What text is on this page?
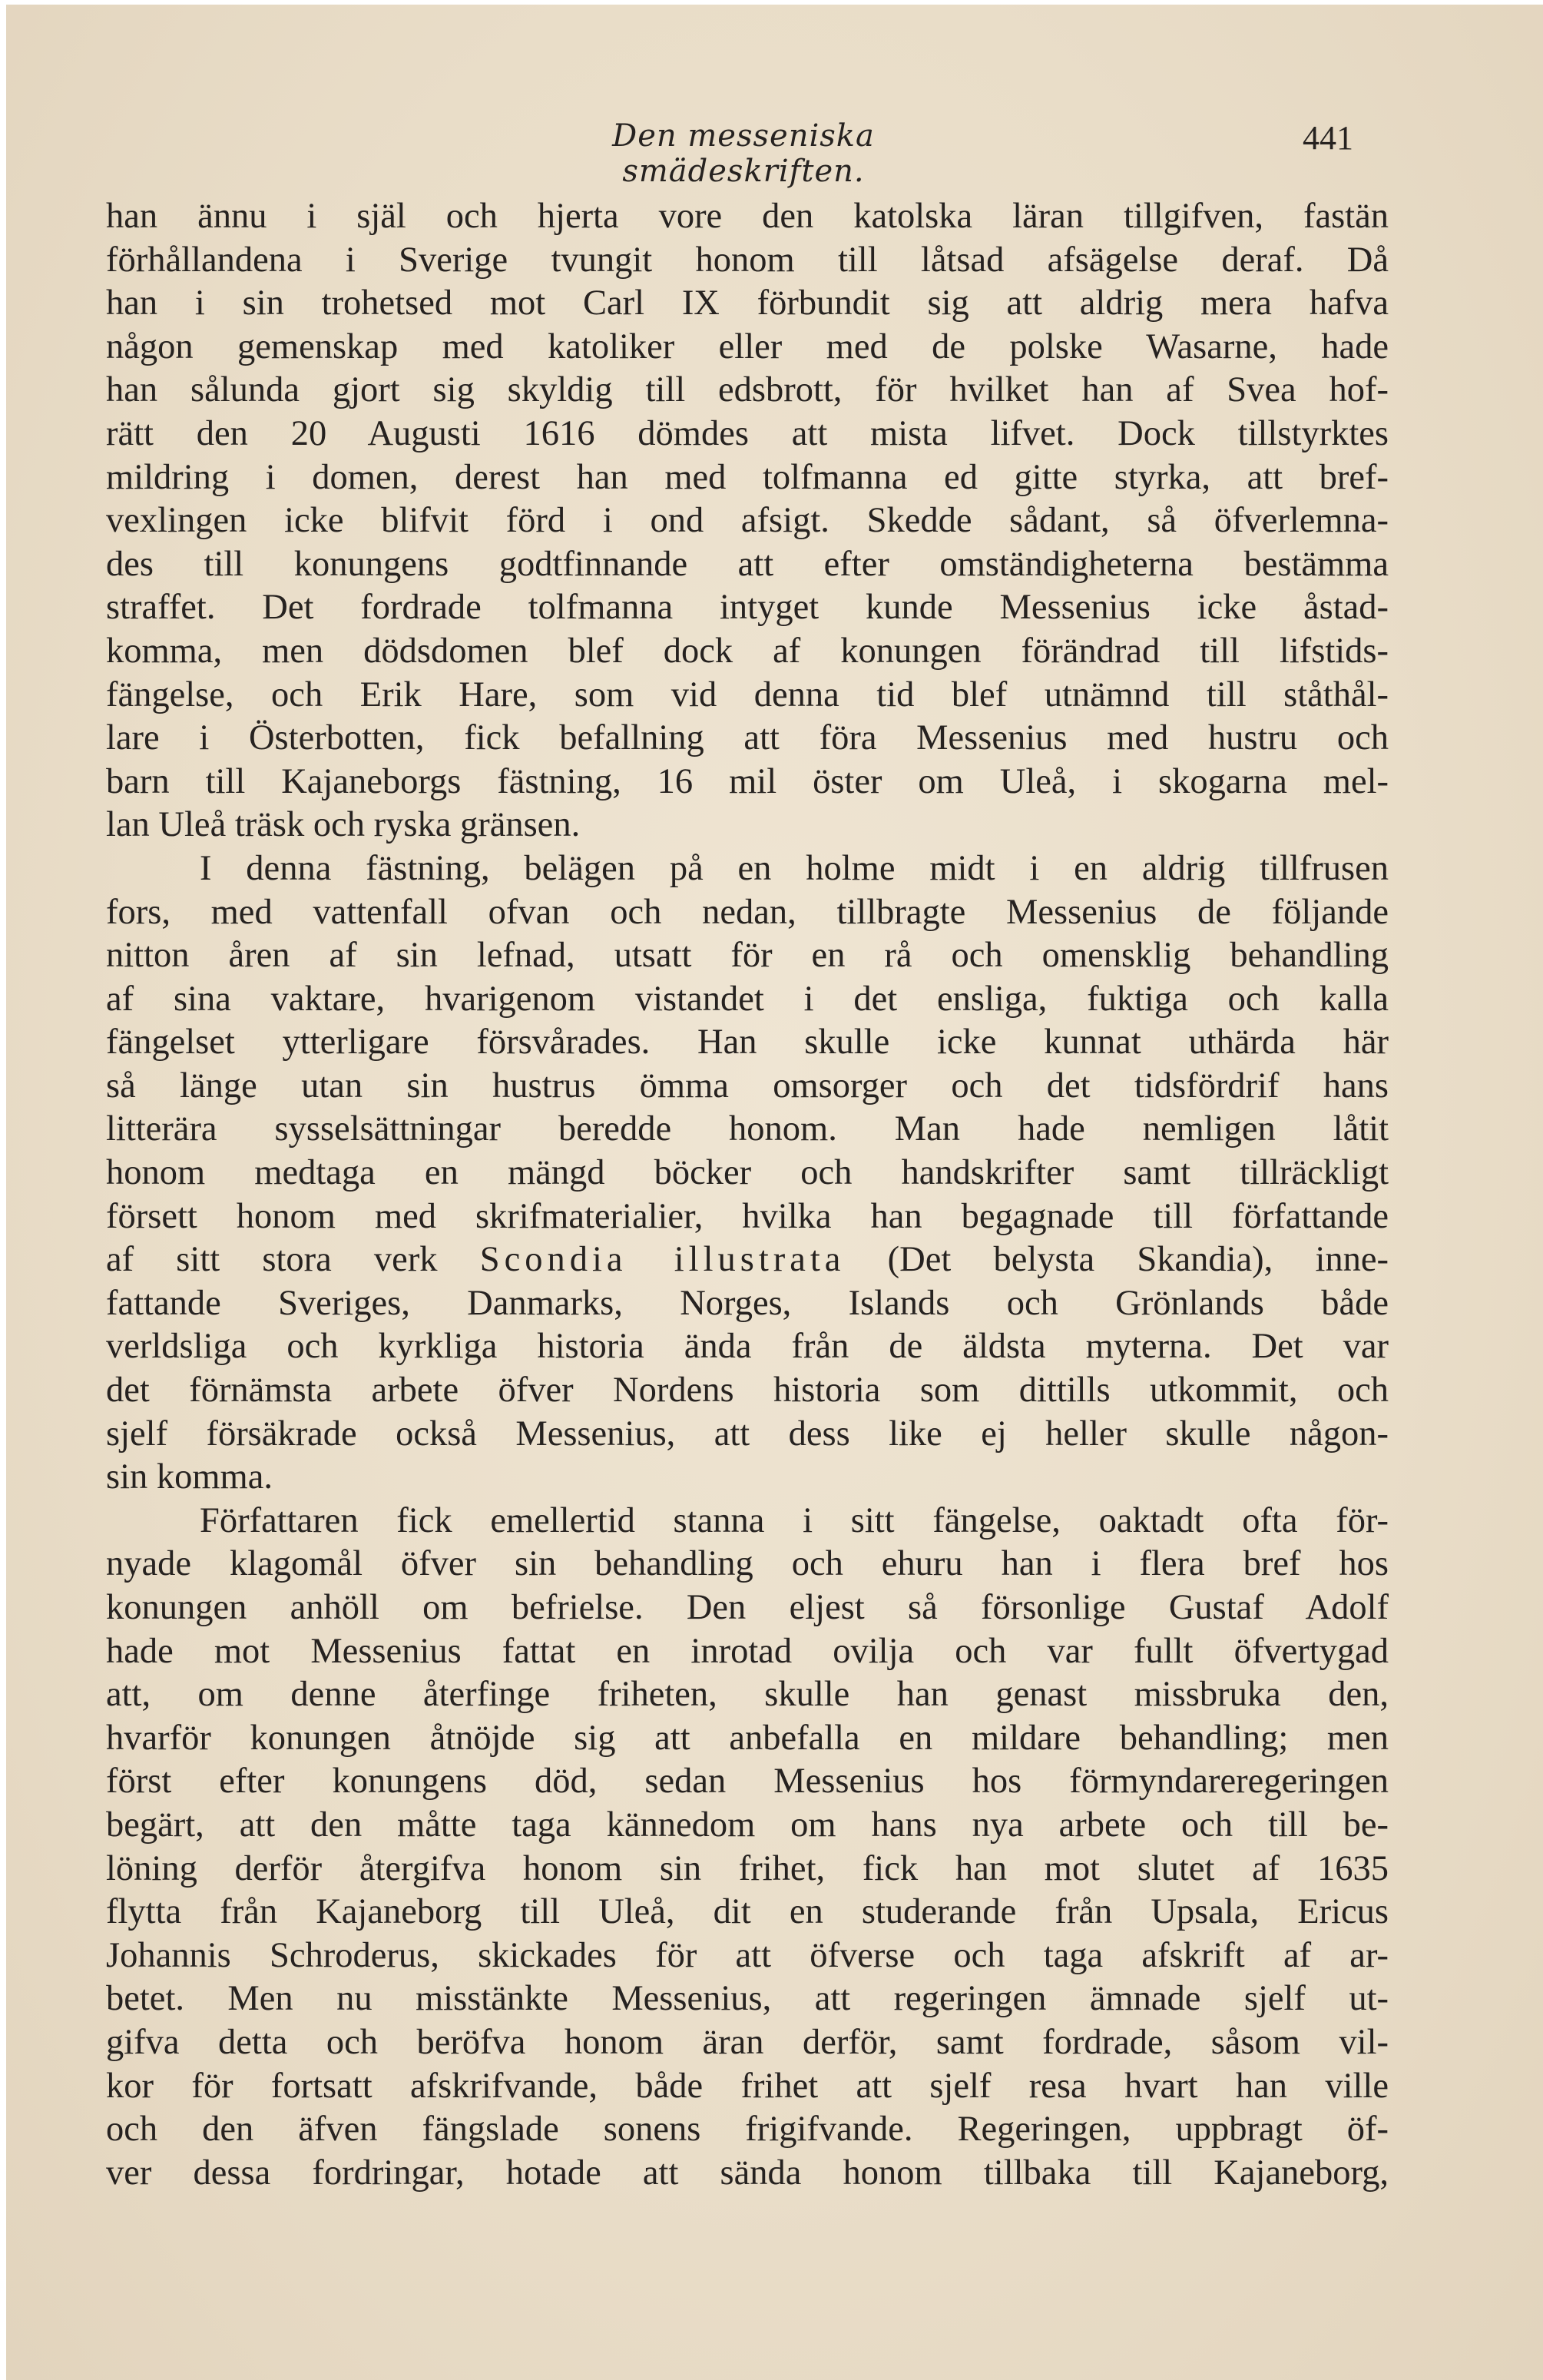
Den messeniska smädeskriften.
441
han ännu i själ och hjerta vore den katolska läran tillgifven, fastän
förhållandena i Sverige tvungit honom till låtsad afsägelse deraf. Då
han i sin trohetsed mot Carl IX förbundit sig att aldrig mera hafva
någon gemenskap med katoliker eller med de polske Wasarne, hade
han sålunda gjort sig skyldig till edsbrott, för hvilket han af Svea hof-
rätt den 20 Augusti 1616 dömdes att mista lifvet. Dock tillstyrktes
mildring i domen, derest han med tolfmanna ed gitte styrka, att bref-
vexlingen icke blifvit förd i ond afsigt. Skedde sådant, så öfverlemna-
des till konungens godtfinnande att efter omständigheterna bestämma
straffet. Det fordrade tolfmanna intyget kunde Messenius icke åstad-
komma, men dödsdomen blef dock af konungen förändrad till lifstids-
fängelse, och Erik Hare, som vid denna tid blef utnämnd till ståthål-
lare i Österbotten, fick befallning att föra Messenius med hustru och
barn till Kajaneborgs fästning, 16 mil öster om Uleå, i skogarna mel-
lan Uleå träsk och ryska gränsen.
I denna fästning, belägen på en holme midt i en aldrig tillfrusen
fors, med vattenfall ofvan och nedan, tillbragte Messenius de följande
nitton åren af sin lefnad, utsatt för en rå och omensklig behandling
af sina vaktare, hvarigenom vistandet i det ensliga, fuktiga och kalla
fängelset ytterligare försvårades. Han skulle icke kunnat uthärda här
så länge utan sin hustrus ömma omsorger och det tidsfördrif hans
litterära sysselsättningar beredde honom. Man hade nemligen låtit
honom medtaga en mängd böcker och handskrifter samt tillräckligt
försett honom med skrifmaterialier, hvilka han begagnade till författande
af sitt stora verk Scondia illustrata (Det belysta Skandia), inne-
fattande Sveriges, Danmarks, Norges, Islands och Grönlands både
verldsliga och kyrkliga historia ända från de äldsta myterna. Det var
det förnämsta arbete öfver Nordens historia som dittills utkommit, och
sjelf försäkrade också Messenius, att dess like ej heller skulle någon-
sin komma.
Författaren fick emellertid stanna i sitt fängelse, oaktadt ofta för-
nyade klagomål öfver sin behandling och ehuru han i flera bref hos
konungen anhöll om befrielse. Den eljest så försonlige Gustaf Adolf
hade mot Messenius fattat en inrotad ovilja och var fullt öfvertygad
att, om denne återfinge friheten, skulle han genast missbruka den,
hvarför konungen åtnöjde sig att anbefalla en mildare behandling; men
först efter konungens död, sedan Messenius hos förmyndareregeringen
begärt, att den måtte taga kännedom om hans nya arbete och till be-
löning derför återgifva honom sin frihet, fick han mot slutet af 1635
flytta från Kajaneborg till Uleå, dit en studerande från Upsala, Ericus
Johannis Schroderus, skickades för att öfverse och taga afskrift af ar-
betet. Men nu misstänkte Messenius, att regeringen ämnade sjelf ut-
gifva detta och beröfva honom äran derför, samt fordrade, såsom vil-
kor för fortsatt afskrifvande, både frihet att sjelf resa hvart han ville
och den äfven fängslade sonens frigifvande. Regeringen, uppbragt öf-
ver dessa fordringar, hotade att sända honom tillbaka till Kajaneborg,
